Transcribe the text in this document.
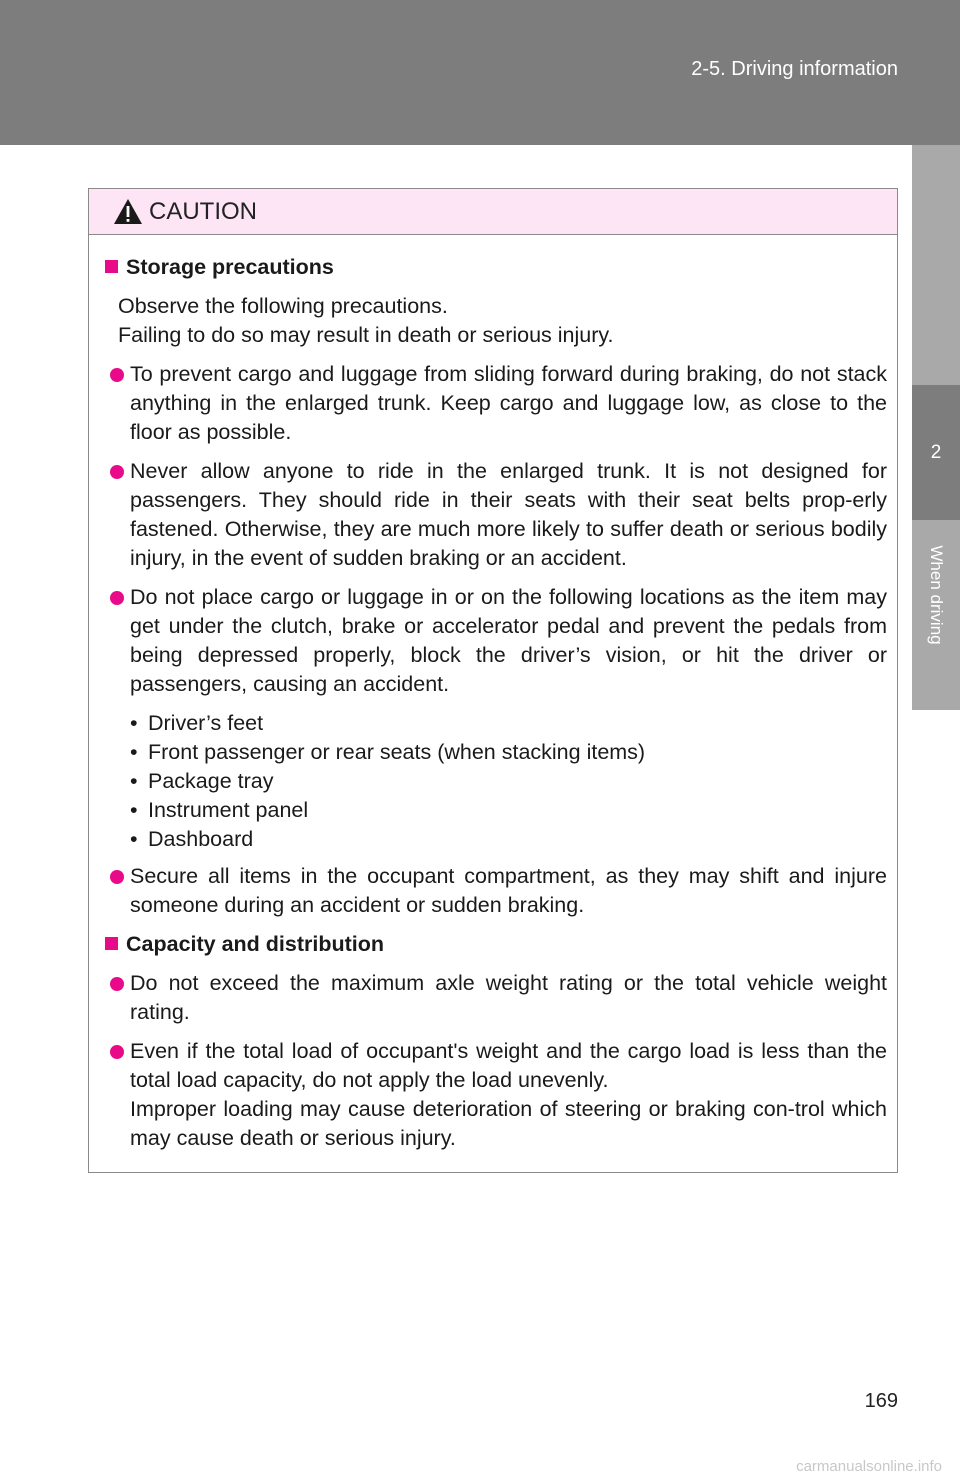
2-5. Driving information
2
When driving
CAUTION
Storage precautions
Observe the following precautions.
Failing to do so may result in death or serious injury.
To prevent cargo and luggage from sliding forward during braking, do not stack anything in the enlarged trunk. Keep cargo and luggage low, as close to the floor as possible.
Never allow anyone to ride in the enlarged trunk. It is not designed for passengers. They should ride in their seats with their seat belts prop-erly fastened. Otherwise, they are much more likely to suffer death or serious bodily injury, in the event of sudden braking or an accident.
Do not place cargo or luggage in or on the following locations as the item may get under the clutch, brake or accelerator pedal and prevent the pedals from being depressed properly, block the driver’s vision, or hit the driver or passengers, causing an accident.
• Driver’s feet
• Front passenger or rear seats (when stacking items)
• Package tray
• Instrument panel
• Dashboard
Secure all items in the occupant compartment, as they may shift and injure someone during an accident or sudden braking.
Capacity and distribution
Do not exceed the maximum axle weight rating or the total vehicle weight rating.
Even if the total load of occupant's weight and the cargo load is less than the total load capacity, do not apply the load unevenly.
Improper loading may cause deterioration of steering or braking con-trol which may cause death or serious injury.
169
carmanualsonline.info
